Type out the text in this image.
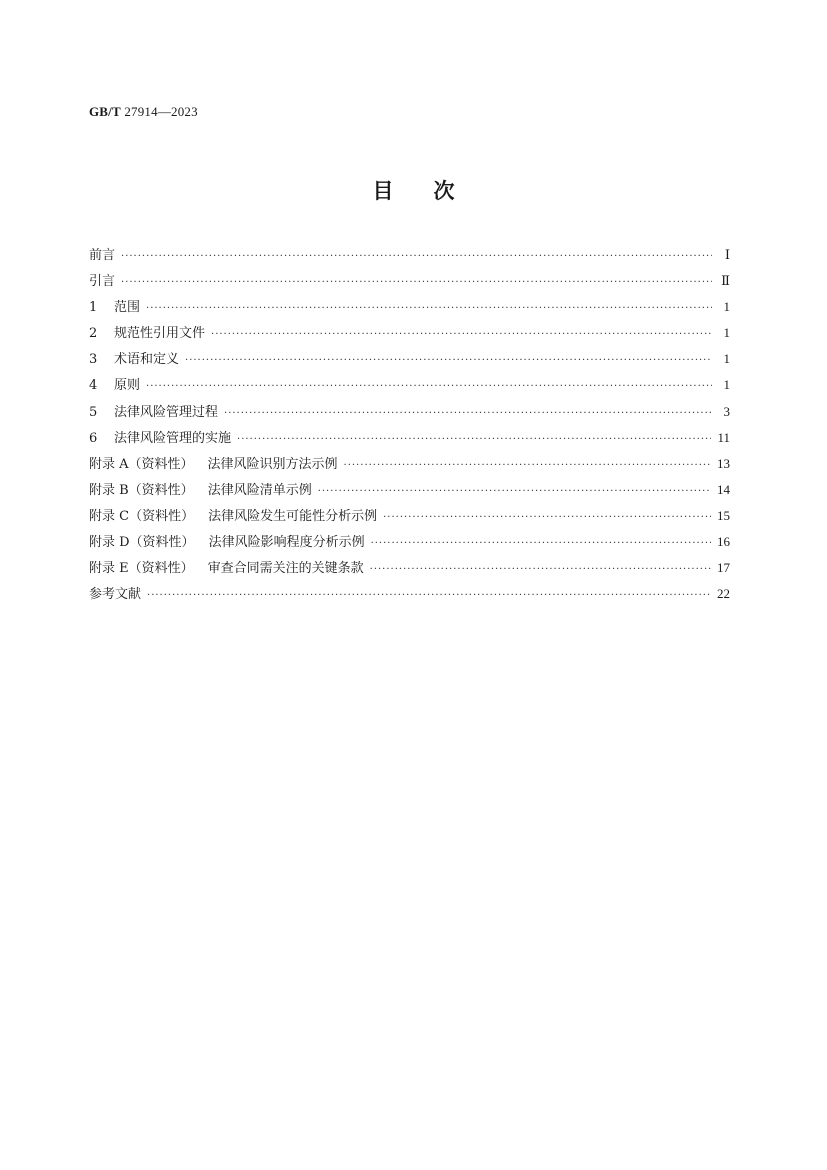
GB/T 27914—2023
目次
前言 ·····	Ⅰ
引言 ·····	Ⅱ
1	范围 ·····	1
2	规范性引用文件 ·····	1
3	术语和定义 ·····	1
4	原则 ·····	1
5	法律风险管理过程 ·····	3
6	法律风险管理的实施 ·····	11
附录 A（资料性） 法律风险识别方法示例 ·····	13
附录 B（资料性） 法律风险清单示例 ·····	14
附录 C（资料性） 法律风险发生可能性分析示例 ·····	15
附录 D（资料性） 法律风险影响程度分析示例 ·····	16
附录 E（资料性） 审查合同需关注的关键条款 ·····	17
参考文献 ·····	22
